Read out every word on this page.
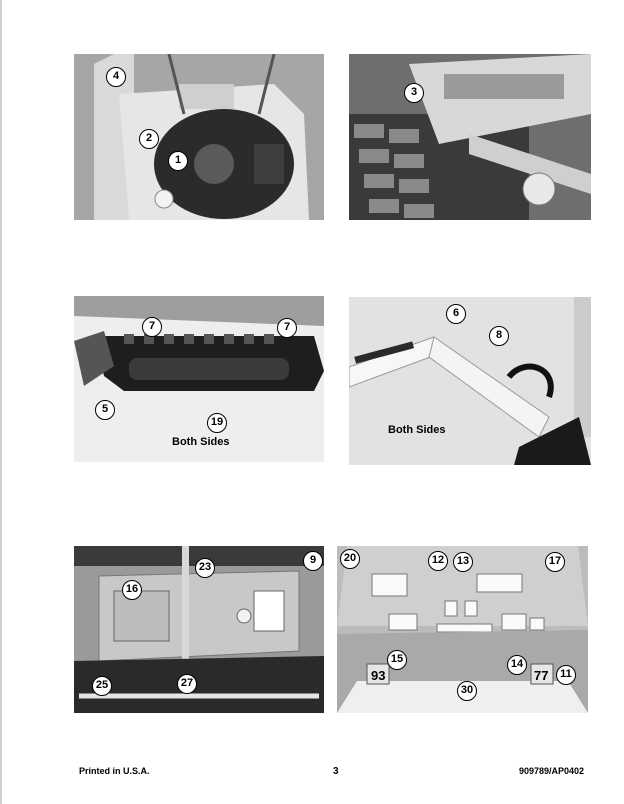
4
2
1
3
7	7
5
19
Both Sides
6
8
Both Sides
23
9
16
25	27	93	77
20	12	13	17
15	14
11
30
Printed in U.S.A.	3	909789/AP0402
